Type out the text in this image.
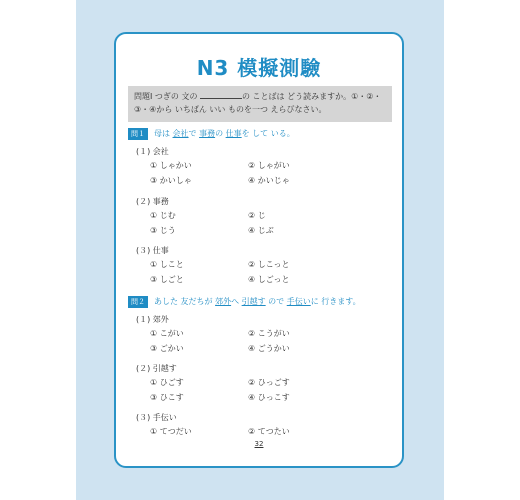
N3 模擬測驗
問題Ⅰ つぎの 文の	の ことばは どう読みますか。①・②・③・④から いちばん いい ものを一つ えらびなさい。
問１ 母は 会社で 事務の 仕事を して いる。
(１) 会社
① しゃかい	② しゃがい
③ かいしゃ	④ かいじゃ
(２) 事務
① じむ	② じ
③ じう	④ じぶ
(３) 仕事
① しこと	② しこっと
③ しごと	④ しごっと
問２ あした 友だちが 郊外へ 引越す ので 手伝いに 行きます。
(１) 郊外
① こがい	② こうがい
③ ごかい	④ ごうかい
(２) 引越す
① ひごす	② ひっごす
③ ひこす	④ ひっこす
(３) 手伝い
① てつだい	② てつたい
32
